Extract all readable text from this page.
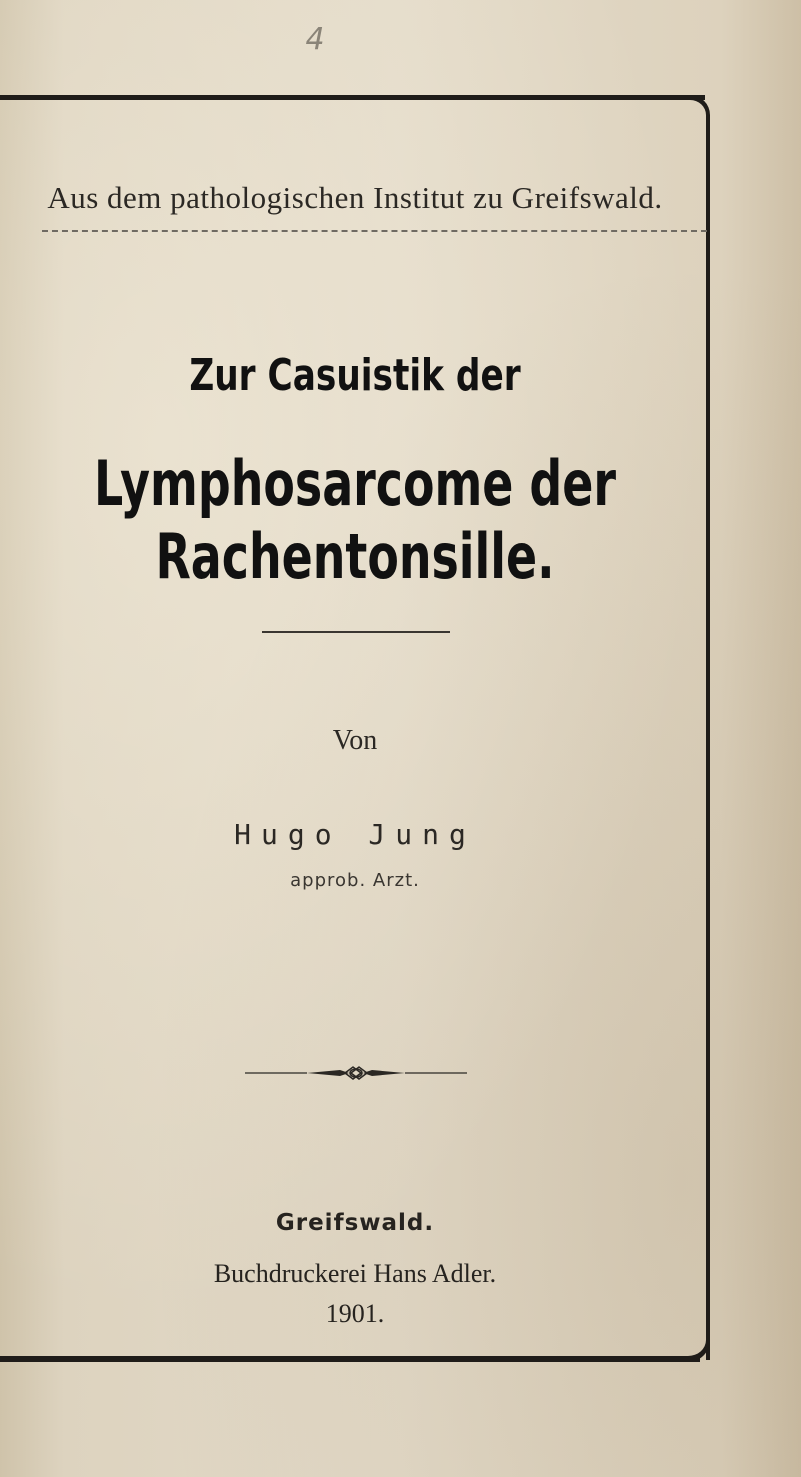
4
Aus dem pathologischen Institut zu Greifswald.
Zur Casuistik der
Lymphosarcome der Rachentonsille.
Von
Hugo Jung
approb. Arzt.
Greifswald.
Buchdruckerei Hans Adler.
1901.
